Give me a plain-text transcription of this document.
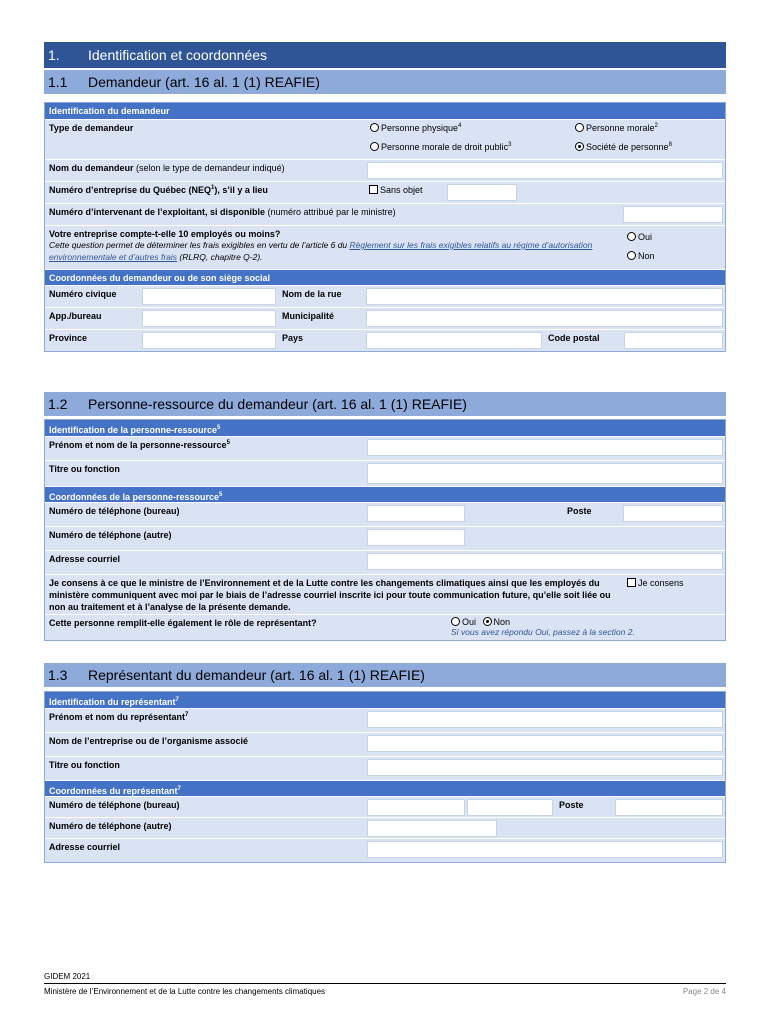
1. Identification et coordonnées
1.1 Demandeur (art. 16 al. 1 (1) REAFIE)
Identification du demandeur
Type de demandeur	Personne physique$^4$	Personne morale$^2$
Personne morale de droit public$^3$	Société de personne$^8$
Nom du demandeur (selon le type de demandeur indiqué)
Numéro d’entreprise du Québec (NEQ$^1$), s’il y a lieu	Sans objet
Numéro d’intervenant de l’exploitant, si disponible (numéro attribué par le ministre)
Votre entreprise compte-t-elle 10 employés ou moins?
Cette question permet de déterminer les frais exigibles en vertu de l’article 6 du Règlement sur les frais exigibles relatifs au régime d’autorisation environnementale et d’autres frais (RLRQ, chapitre Q-2).
Oui
Non
Coordonnées du demandeur ou de son siège social
Numéro civique	Nom de la rue
App./bureau	Municipalité
Province	Pays	Code postal
1.2 Personne-ressource du demandeur (art. 16 al. 1 (1) REAFIE)
Identification de la personne-ressource$^5$
Prénom et nom de la personne-ressource$^5$
Titre ou fonction
Coordonnées de la personne-ressource$^5$
Numéro de téléphone (bureau)	Poste
Numéro de téléphone (autre)
Adresse courriel
Je consens à ce que le ministre de l’Environnement et de la Lutte contre les changements climatiques ainsi que les employés du ministère communiquent avec moi par le biais de l’adresse courriel inscrite ici pour toute communication future, qu’elle soit liée ou non au traitement et à l’analyse de la présente demande.
Je consens
Cette personne remplit-elle également le rôle de représentant?	Oui Non
Si vous avez répondu Oui, passez à la section 2.
1.3 Représentant du demandeur (art. 16 al. 1 (1) REAFIE)
Identification du représentant$^7$
Prénom et nom du représentant$^7$
Nom de l’entreprise ou de l’organisme associé
Titre ou fonction
Coordonnées du représentant$^7$
Numéro de téléphone (bureau)	Poste
Numéro de téléphone (autre)
Adresse courriel
GIDEM 2021
Ministère de l’Environnement et de la Lutte contre les changements climatiques	Page 2 de 4
